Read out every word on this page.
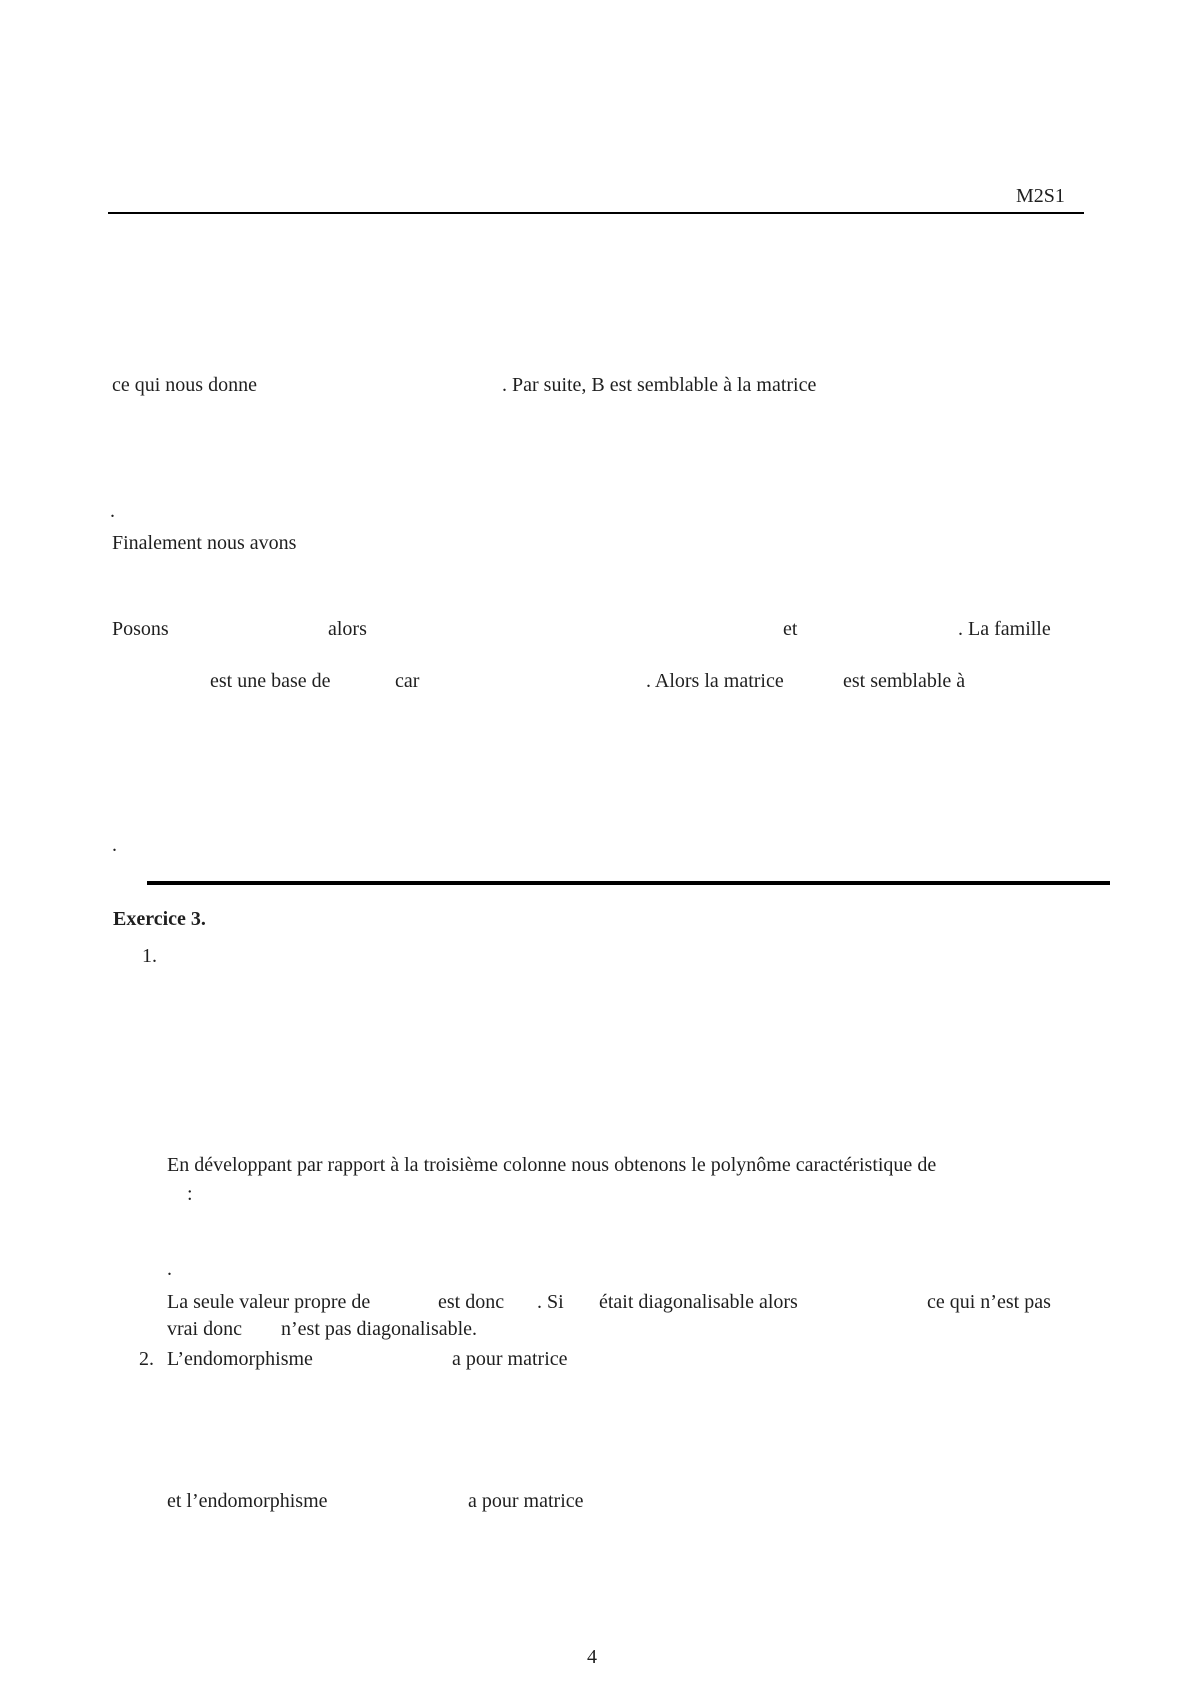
M2S1
ce qui nous donne	. Par suite, B est semblable à la matrice
.
Finalement nous avons
Posons	alors	et	. La famille
est une base de	car	. Alors la matrice	est semblable à
.
Exercice 3.
1.
En développant par rapport à la troisième colonne nous obtenons le polynôme caractéristique de
:
.
La seule valeur propre de	est donc . Si était diagonalisable alors	ce qui n’est pas
vrai donc n’est pas diagonalisable.
2. L’endomorphisme	a pour matrice
et l’endomorphisme	a pour matrice
4
